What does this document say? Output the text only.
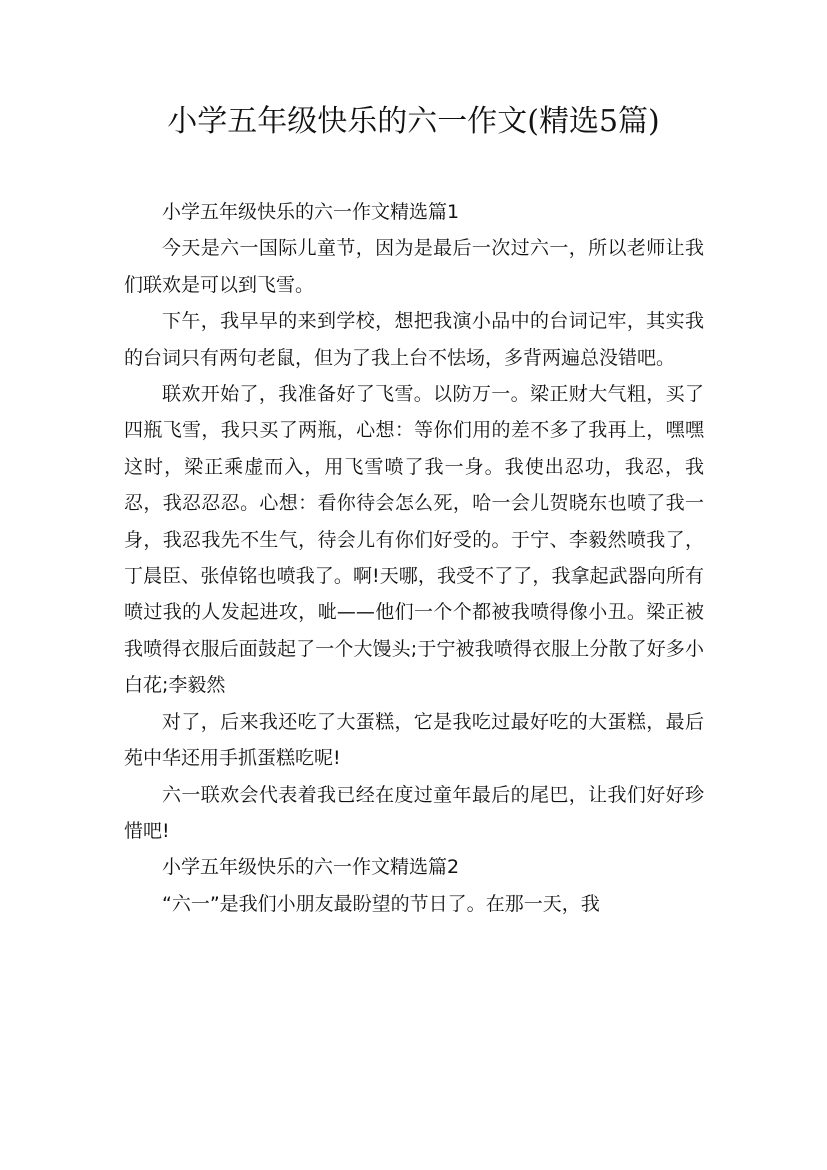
小学五年级快乐的六一作文(精选5篇)

小学五年级快乐的六一作文精选篇1

今天是六一国际儿童节，因为是最后一次过六一，所以老师让我们联欢是可以到飞雪。

下午，我早早的来到学校，想把我演小品中的台词记牢，其实我的台词只有两句老鼠，但为了我上台不怯场，多背两遍总没错吧。

联欢开始了，我准备好了飞雪。以防万一。梁正财大气粗，买了四瓶飞雪，我只买了两瓶，心想：等你们用的差不多了我再上，嘿嘿这时，梁正乘虚而入，用飞雪喷了我一身。我使出忍功，我忍，我忍，我忍忍忍。心想：看你待会怎么死，哈一会儿贺晓东也喷了我一身，我忍我先不生气，待会儿有你们好受的。于宁、李毅然喷我了，丁晨臣、张倬铭也喷我了。啊!天哪，我受不了了，我拿起武器向所有喷过我的人发起进攻，呲——他们一个个都被我喷得像小丑。梁正被我喷得衣服后面鼓起了一个大馒头;于宁被我喷得衣服上分散了好多小白花;李毅然

对了，后来我还吃了大蛋糕，它是我吃过最好吃的大蛋糕，最后苑中华还用手抓蛋糕吃呢!

六一联欢会代表着我已经在度过童年最后的尾巴，让我们好好珍惜吧!

小学五年级快乐的六一作文精选篇2

“六一”是我们小朋友最盼望的节日了。在那一天，我
